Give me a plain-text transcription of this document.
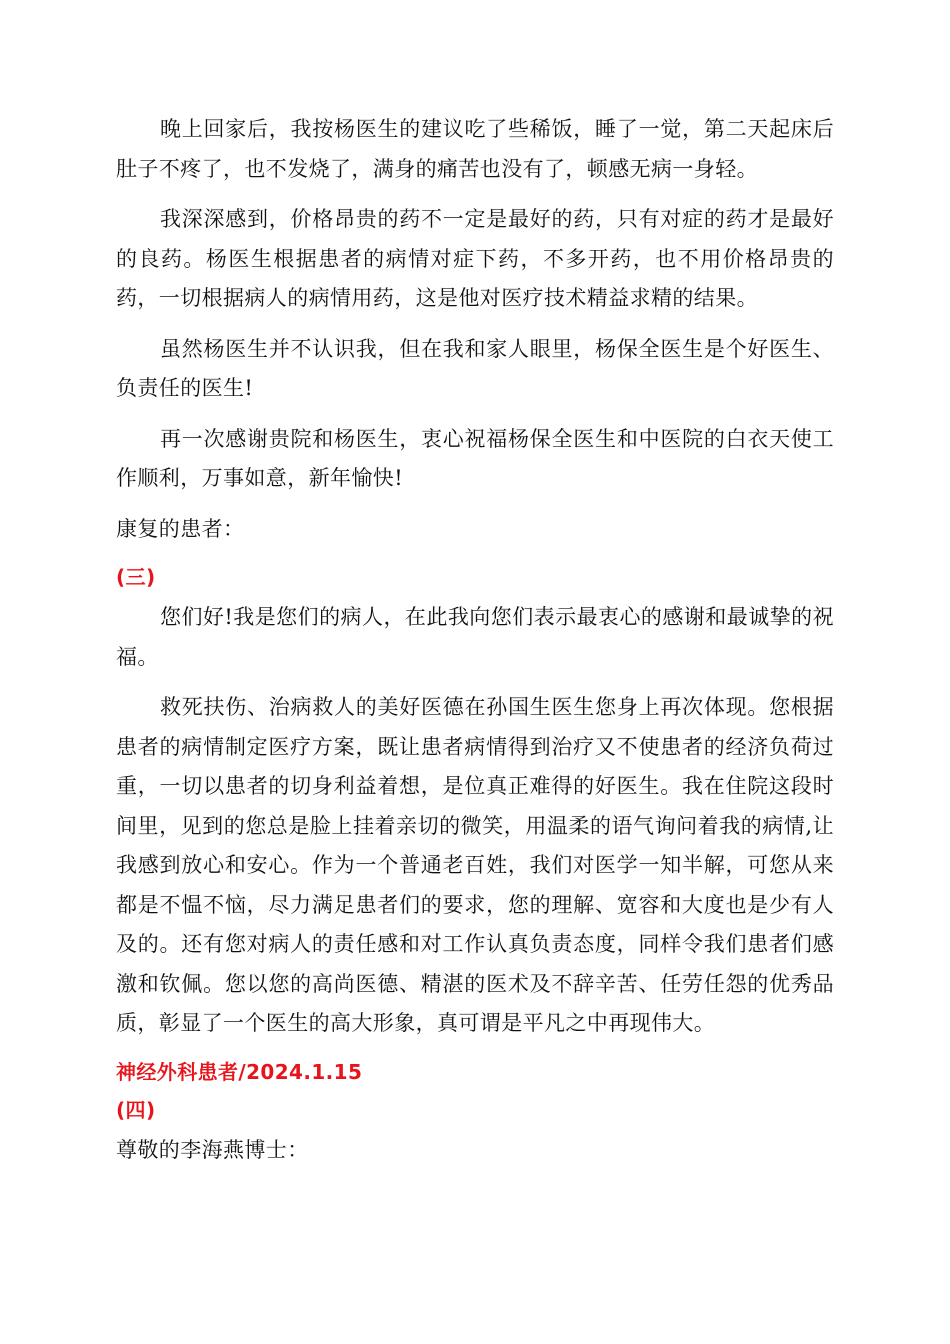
晚上回家后，我按杨医生的建议吃了些稀饭，睡了一觉，第二天起床后肚子不疼了，也不发烧了，满身的痛苦也没有了，顿感无病一身轻。

我深深感到，价格昂贵的药不一定是最好的药，只有对症的药才是最好的良药。杨医生根据患者的病情对症下药，不多开药，也不用价格昂贵的药，一切根据病人的病情用药，这是他对医疗技术精益求精的结果。

虽然杨医生并不认识我，但在我和家人眼里，杨保全医生是个好医生、负责任的医生!

再一次感谢贵院和杨医生，衷心祝福杨保全医生和中医院的白衣天使工作顺利，万事如意，新年愉快!

康复的患者：

(三)

您们好!我是您们的病人，在此我向您们表示最衷心的感谢和最诚挚的祝福。

救死扶伤、治病救人的美好医德在孙国生医生您身上再次体现。您根据患者的病情制定医疗方案，既让患者病情得到治疗又不使患者的经济负荷过重，一切以患者的切身利益着想，是位真正难得的好医生。我在住院这段时间里，见到的您总是脸上挂着亲切的微笑，用温柔的语气询问着我的病情,让我感到放心和安心。作为一个普通老百姓，我们对医学一知半解，可您从来都是不愠不恼，尽力满足患者们的要求，您的理解、宽容和大度也是少有人及的。还有您对病人的责任感和对工作认真负责态度，同样令我们患者们感激和钦佩。您以您的高尚医德、精湛的医术及不辞辛苦、任劳任怨的优秀品质，彰显了一个医生的高大形象，真可谓是平凡之中再现伟大。

神经外科患者/2024.1.15

(四)

尊敬的李海燕博士：
